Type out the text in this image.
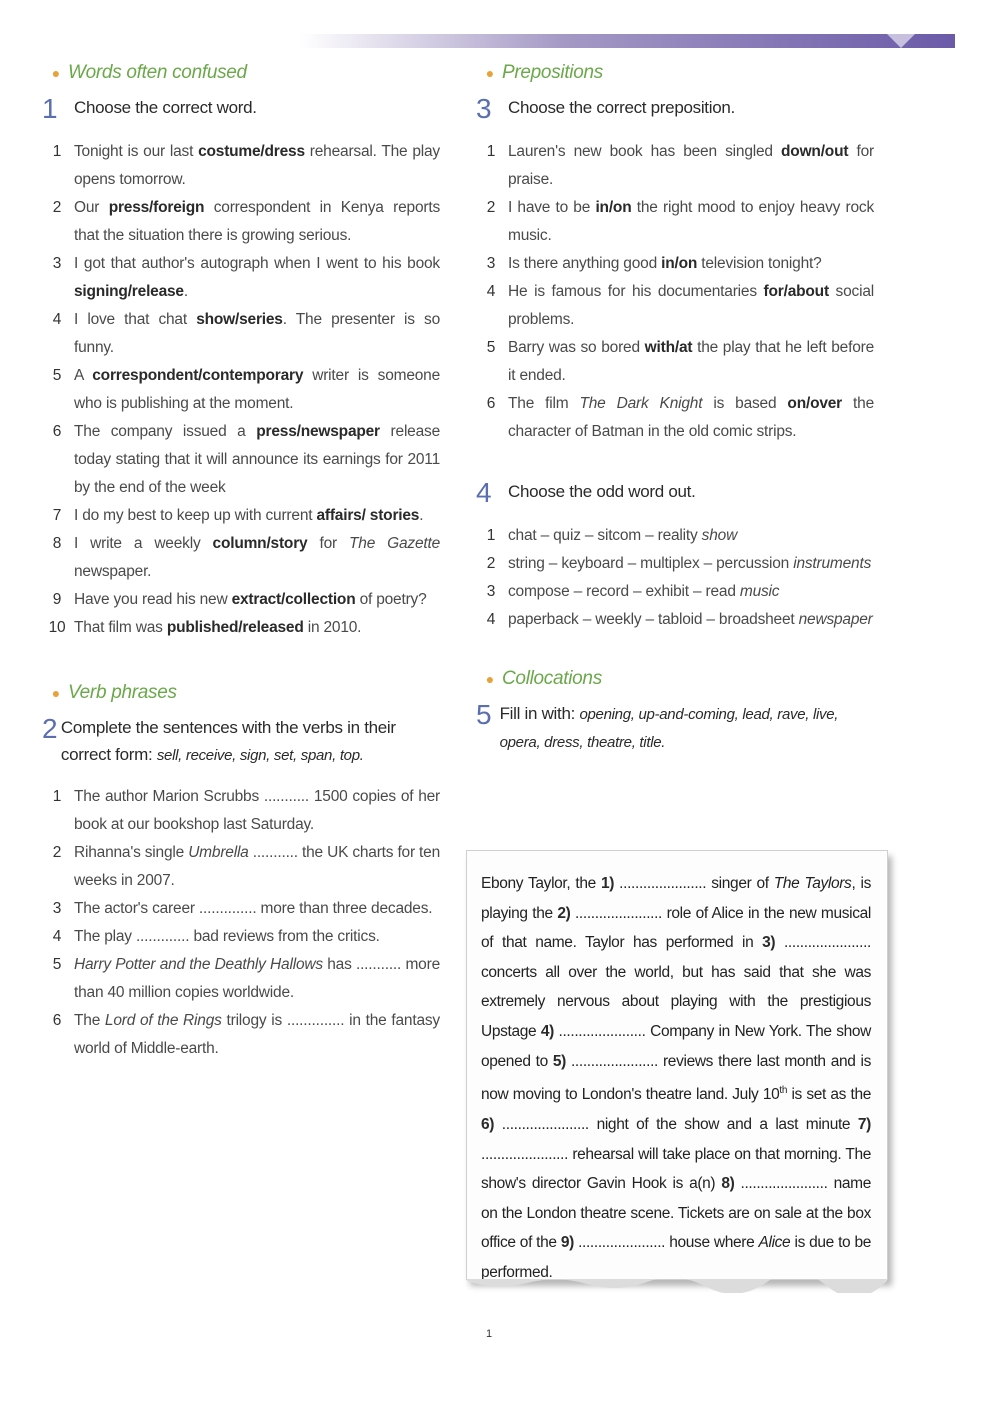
● Words often confused
1 Choose the correct word.
1 Tonight is our last costume/dress rehearsal. The play opens tomorrow.
2 Our press/foreign correspondent in Kenya reports that the situation there is growing serious.
3 I got that author's autograph when I went to his book signing/release.
4 I love that chat show/series. The presenter is so funny.
5 A correspondent/contemporary writer is someone who is publishing at the moment.
6 The company issued a press/newspaper release today stating that it will announce its earnings for 2011 by the end of the week
7 I do my best to keep up with current affairs/ stories.
8 I write a weekly column/story for The Gazette newspaper.
9 Have you read his new extract/collection of poetry?
10 That film was published/released in 2010.
● Verb phrases
2 Complete the sentences with the verbs in their correct form: sell, receive, sign, set, span, top.
1 The author Marion Scrubbs ........... 1500 copies of her book at our bookshop last Saturday.
2 Rihanna's single Umbrella ........... the UK charts for ten weeks in 2007.
3 The actor's career .............. more than three decades.
4 The play ............. bad reviews from the critics.
5 Harry Potter and the Deathly Hallows has ........... more than 40 million copies worldwide.
6 The Lord of the Rings trilogy is .............. in the fantasy world of Middle-earth.
● Prepositions
3 Choose the correct preposition.
1 Lauren's new book has been singled down/out for praise.
2 I have to be in/on the right mood to enjoy heavy rock music.
3 Is there anything good in/on television tonight?
4 He is famous for his documentaries for/about social problems.
5 Barry was so bored with/at the play that he left before it ended.
6 The film The Dark Knight is based on/over the character of Batman in the old comic strips.
4 Choose the odd word out.
1 chat – quiz – sitcom – reality show
2 string – keyboard – multiplex – percussion instruments
3 compose – record – exhibit – read music
4 paperback – weekly – tabloid – broadsheet newspaper
● Collocations
5 Fill in with: opening, up-and-coming, lead, rave, live, opera, dress, theatre, title.

Ebony Taylor, the 1) ...................... singer of The Taylors, is playing the 2) ...................... role of Alice in the new musical of that name. Taylor has performed in 3) ...................... concerts all over the world, but has said that she was extremely nervous about playing with the prestigious Upstage 4) ...................... Company in New York. The show opened to 5) ...................... reviews there last month and is now moving to London's theatre land. July 10th is set as the 6) ...................... night of the show and a last minute 7) ...................... rehearsal will take place on that morning. The show's director Gavin Hook is a(n) 8) ...................... name on the London theatre scene. Tickets are on sale at the box office of the 9) ...................... house where Alice is due to be performed.

1
